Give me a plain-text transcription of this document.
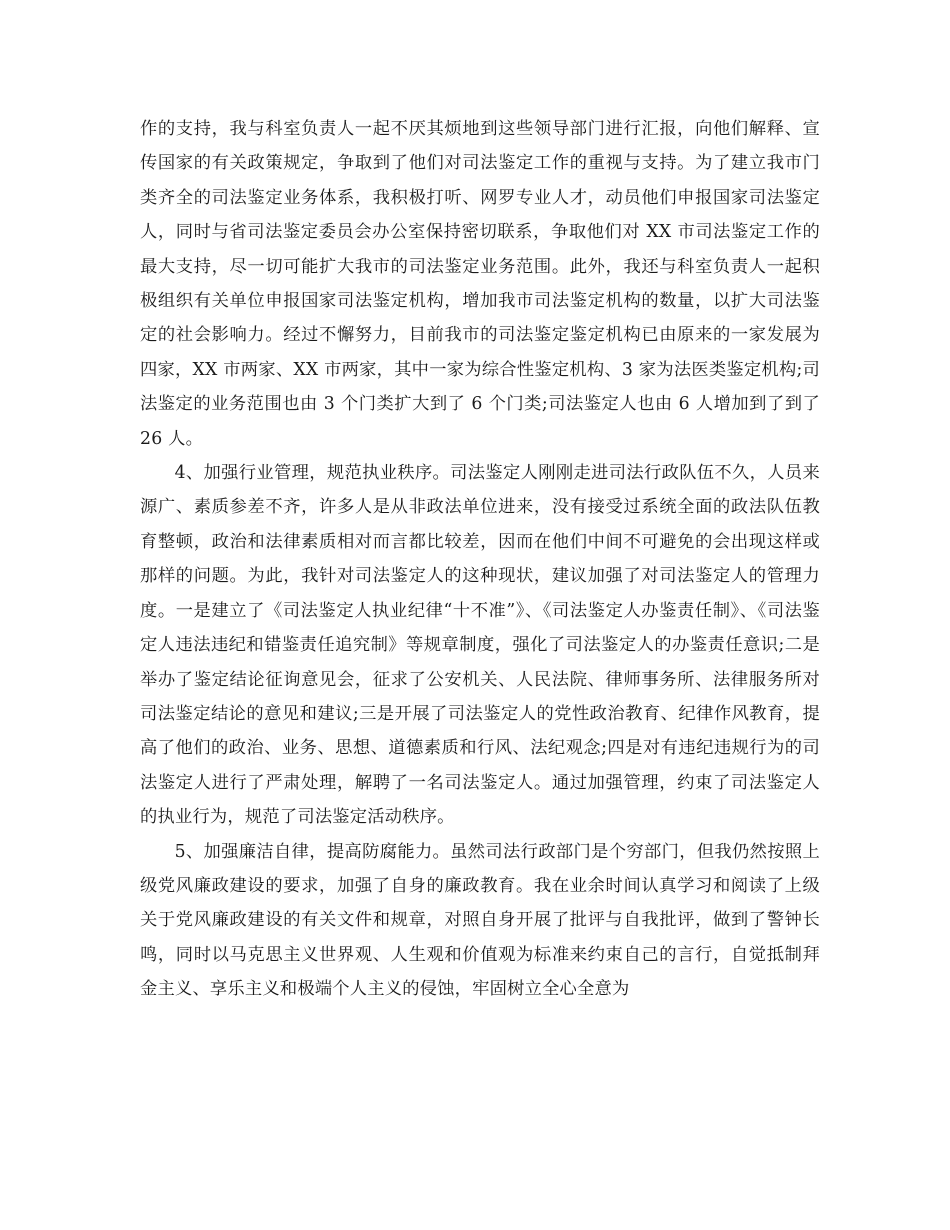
作的支持，我与科室负责人一起不厌其烦地到这些领导部门进行汇报，向他们解释、宣传国家的有关政策规定，争取到了他们对司法鉴定工作的重视与支持。为了建立我市门类齐全的司法鉴定业务体系，我积极打听、网罗专业人才，动员他们申报国家司法鉴定人，同时与省司法鉴定委员会办公室保持密切联系，争取他们对 XX 市司法鉴定工作的最大支持，尽一切可能扩大我市的司法鉴定业务范围。此外，我还与科室负责人一起积极组织有关单位申报国家司法鉴定机构，增加我市司法鉴定机构的数量，以扩大司法鉴定的社会影响力。经过不懈努力，目前我市的司法鉴定鉴定机构已由原来的一家发展为四家，XX 市两家、XX 市两家，其中一家为综合性鉴定机构、3 家为法医类鉴定机构;司法鉴定的业务范围也由 3 个门类扩大到了 6 个门类;司法鉴定人也由 6 人增加到了到了 26 人。

4、加强行业管理，规范执业秩序。司法鉴定人刚刚走进司法行政队伍不久，人员来源广、素质参差不齐，许多人是从非政法单位进来，没有接受过系统全面的政法队伍教育整顿，政治和法律素质相对而言都比较差，因而在他们中间不可避免的会出现这样或那样的问题。为此，我针对司法鉴定人的这种现状，建议加强了对司法鉴定人的管理力度。一是建立了《司法鉴定人执业纪律“十不准”》、《司法鉴定人办鉴责任制》、《司法鉴定人违法违纪和错鉴责任追究制》等规章制度，强化了司法鉴定人的办鉴责任意识;二是举办了鉴定结论征询意见会，征求了公安机关、人民法院、律师事务所、法律服务所对司法鉴定结论的意见和建议;三是开展了司法鉴定人的党性政治教育、纪律作风教育，提高了他们的政治、业务、思想、道德素质和行风、法纪观念;四是对有违纪违规行为的司法鉴定人进行了严肃处理，解聘了一名司法鉴定人。通过加强管理，约束了司法鉴定人的执业行为，规范了司法鉴定活动秩序。

5、加强廉洁自律，提高防腐能力。虽然司法行政部门是个穷部门，但我仍然按照上级党风廉政建设的要求，加强了自身的廉政教育。我在业余时间认真学习和阅读了上级关于党风廉政建设的有关文件和规章，对照自身开展了批评与自我批评，做到了警钟长鸣，同时以马克思主义世界观、人生观和价值观为标准来约束自己的言行，自觉抵制拜金主义、享乐主义和极端个人主义的侵蚀，牢固树立全心全意为
